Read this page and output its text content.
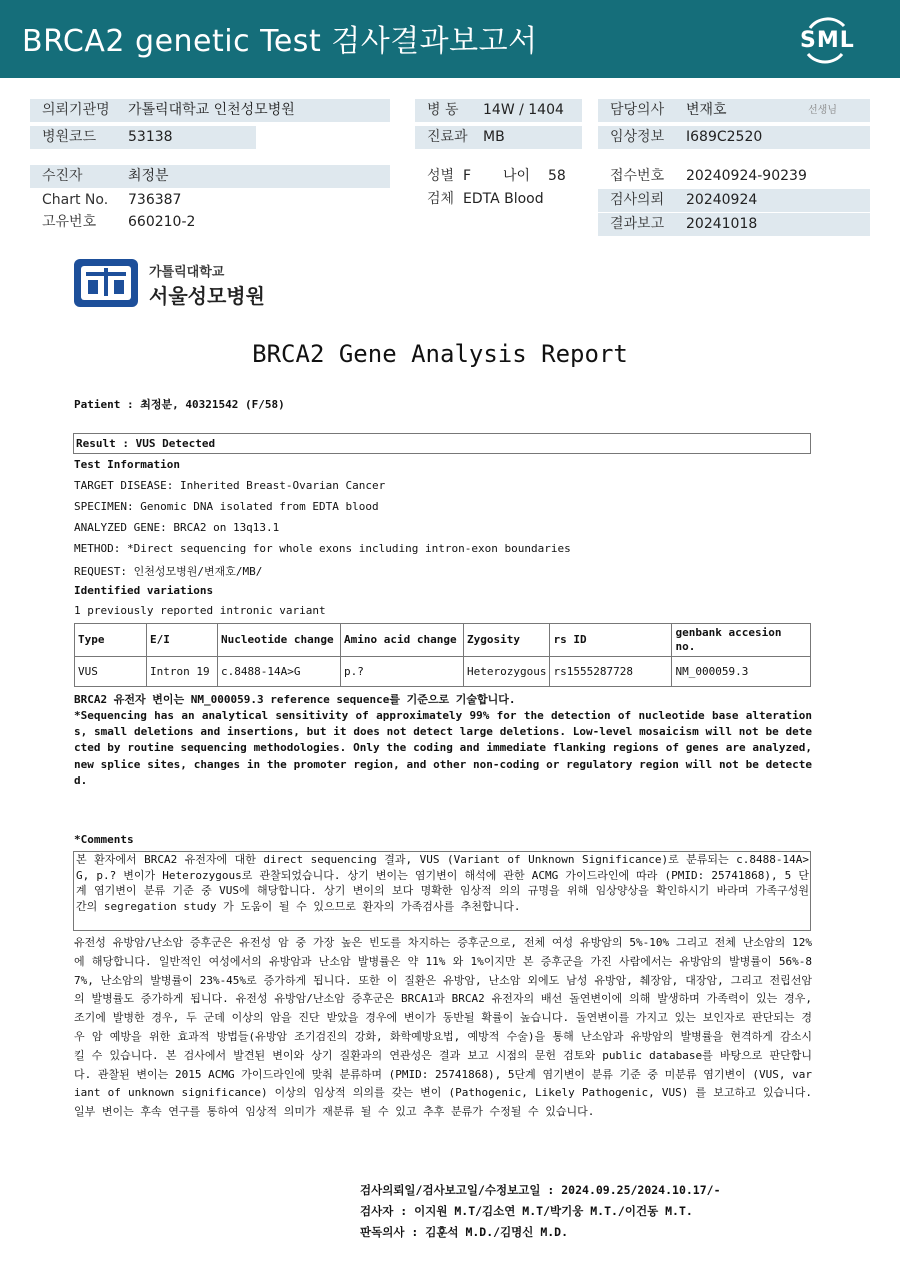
BRCA2 genetic Test 검사결과보고서	SML
의뢰기관명 가톨릭대학교 인천성모병원
병원코드 53138
병 동 14W / 1404
진료과 MB
담당의사 변재호	선생님
임상정보 I689C2520
수진자	최정분
Chart No. 736387
고유번호 660210-2
성별 F 나이 58
검체 EDTA Blood
접수번호 20240924-90239
검사의뢰 20240924
결과보고 20241018
가톨릭대학교
서울성모병원
BRCA2 Gene Analysis Report
Patient : 최정분, 40321542 (F/58)
Result : VUS Detected
Test Information
TARGET DISEASE: Inherited Breast-Ovarian Cancer
SPECIMEN: Genomic DNA isolated from EDTA blood
ANALYZED GENE: BRCA2 on 13q13.1
METHOD: *Direct sequencing for whole exons including intron-exon boundaries
REQUEST: 인천성모병원/변재호/MB/
Identified variations
1 previously reported intronic variant
Type	E/I	Nucleotide change	Amino acid change	Zygosity	rs ID	genbank accesion no.
VUS	Intron 19	c.8488-14A>G	p.?	Heterozygous	rs1555287728	NM_000059.3
BRCA2 유전자 변이는 NM_000059.3 reference sequence를 기준으로 기술합니다.
*Sequencing has an analytical sensitivity of approximately 99% for the detection of nucleotide base alterations, small deletions and insertions, but it does not detect large deletions. Low-level mosaicism will not be detected by routine sequencing methodologies. Only the coding and immediate flanking regions of genes are analyzed, new splice sites, changes in the promoter region, and other non-coding or regulatory region will not be detected.
*Comments
본 환자에서 BRCA2 유전자에 대한 direct sequencing 결과, VUS (Variant of Unknown Significance)로 분류되는 c.8488-14A>G, p.? 변이가 Heterozygous로 관찰되었습니다. 상기 변이는 염기변이 해석에 관한 ACMG 가이드라인에 따라 (PMID: 25741868), 5 단계 염기변이 분류 기준 중 VUS에 해당합니다. 상기 변이의 보다 명확한 임상적 의의 규명을 위해 임상양상을 확인하시기 바라며 가족구성원 간의 segregation study 가 도움이 될 수 있으므로 환자의 가족검사를 추천합니다.
유전성 유방암/난소암 증후군은 유전성 암 중 가장 높은 빈도를 차지하는 증후군으로, 전체 여성 유방암의 5%-10% 그리고 전체 난소암의 12%에 해당합니다. 일반적인 여성에서의 유방암과 난소암 발병률은 약 11% 와 1%이지만 본 증후군을 가진 사람에서는 유방암의 발병률이 56%-87%, 난소암의 발병률이 23%-45%로 증가하게 됩니다. 또한 이 질환은 유방암, 난소암 외에도 남성 유방암, 췌장암, 대장암, 그리고 전립선암의 발병률도 증가하게 됩니다. 유전성 유방암/난소암 증후군은 BRCA1과 BRCA2 유전자의 배선 돌연변이에 의해 발생하며 가족력이 있는 경우, 조기에 발병한 경우, 두 군데 이상의 암을 진단 받았을 경우에 변이가 동반될 확률이 높습니다. 돌연변이를 가지고 있는 보인자로 판단되는 경우 암 예방을 위한 효과적 방법들(유방암 조기검진의 강화, 화학예방요법, 예방적 수술)을 통해 난소암과 유방암의 발병률을 현격하게 감소시킬 수 있습니다. 본 검사에서 발견된 변이와 상기 질환과의 연관성은 결과 보고 시점의 문헌 검토와 public database를 바탕으로 판단합니다. 관찰된 변이는 2015 ACMG 가이드라인에 맞춰 분류하며 (PMID: 25741868), 5단계 염기변이 분류 기준 중 미분류 염기변이 (VUS, variant of unknown significance) 이상의 임상적 의의를 갖는 변이 (Pathogenic, Likely Pathogenic, VUS) 를 보고하고 있습니다. 일부 변이는 후속 연구를 통하여 임상적 의미가 재분류 될 수 있고 추후 분류가 수정될 수 있습니다.
검사의뢰일/검사보고일/수정보고일 : 2024.09.25/2024.10.17/-
검사자 : 이지원 M.T/김소연 M.T/박기웅 M.T./이건동 M.T.
판독의사 : 김훈석 M.D./김명신 M.D.
